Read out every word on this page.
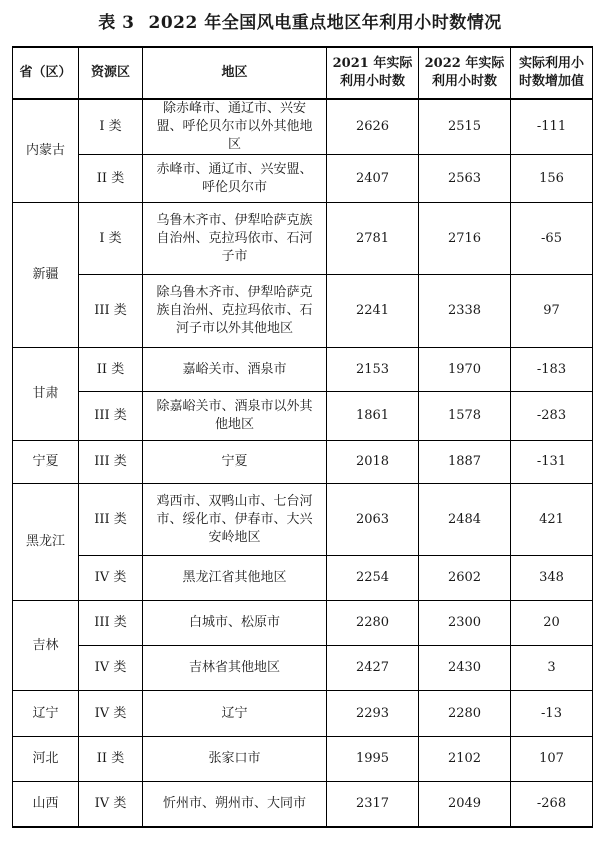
表 3 2022 年全国风电重点地区年利用小时数情况
省（区）	资源区	地区	2021 年实际利用小时数	2022 年实际利用小时数	实际利用小时数增加值
内蒙古	I 类	除赤峰市、通辽市、兴安盟、呼伦贝尔市以外其他地区	2626	2515	-111
	II 类	赤峰市、通辽市、兴安盟、呼伦贝尔市	2407	2563	156
新疆	I 类	乌鲁木齐市、伊犁哈萨克族自治州、克拉玛依市、石河子市	2781	2716	-65
	III 类	除乌鲁木齐市、伊犁哈萨克族自治州、克拉玛依市、石河子市以外其他地区	2241	2338	97
甘肃	II 类	嘉峪关市、酒泉市	2153	1970	-183
	III 类	除嘉峪关市、酒泉市以外其他地区	1861	1578	-283
宁夏	III 类	宁夏	2018	1887	-131
黑龙江	III 类	鸡西市、双鸭山市、七台河市、绥化市、伊春市、大兴安岭地区	2063	2484	421
	IV 类	黑龙江省其他地区	2254	2602	348
吉林	III 类	白城市、松原市	2280	2300	20
	IV 类	吉林省其他地区	2427	2430	3
辽宁	IV 类	辽宁	2293	2280	-13
河北	II 类	张家口市	1995	2102	107
山西	IV 类	忻州市、朔州市、大同市	2317	2049	-268
